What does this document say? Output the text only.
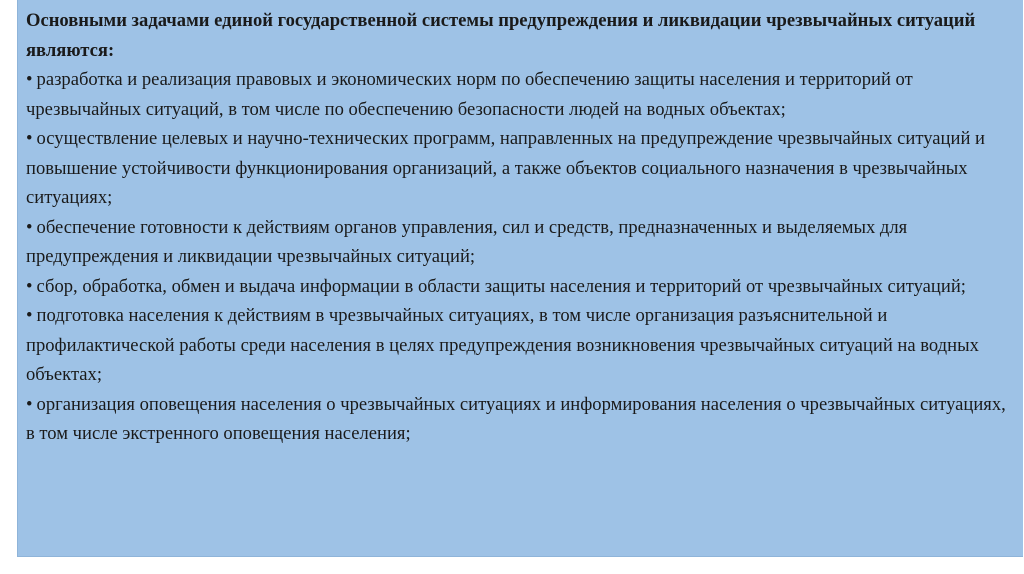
Основными задачами единой государственной системы предупреждения и ликвидации чрезвычайных ситуаций являются:

• разработка и реализация правовых и экономических норм по обеспечению защиты населения и территорий от чрезвычайных ситуаций, в том числе по обеспечению безопасности людей на водных объектах;

• осуществление целевых и научно-технических программ, направленных на предупреждение чрезвычайных ситуаций и повышение устойчивости функционирования организаций, а также объектов социального назначения в чрезвычайных ситуациях;

• обеспечение готовности к действиям органов управления, сил и средств, предназначенных и выделяемых для предупреждения и ликвидации чрезвычайных ситуаций;

• сбор, обработка, обмен и выдача информации в области защиты населения и территорий от чрезвычайных ситуаций;

• подготовка населения к действиям в чрезвычайных ситуациях, в том числе организация разъяснительной и профилактической работы среди населения в целях предупреждения возникновения чрезвычайных ситуаций на водных объектах;

• организация оповещения населения о чрезвычайных ситуациях и информирования населения о чрезвычайных ситуациях, в том числе экстренного оповещения населения;
